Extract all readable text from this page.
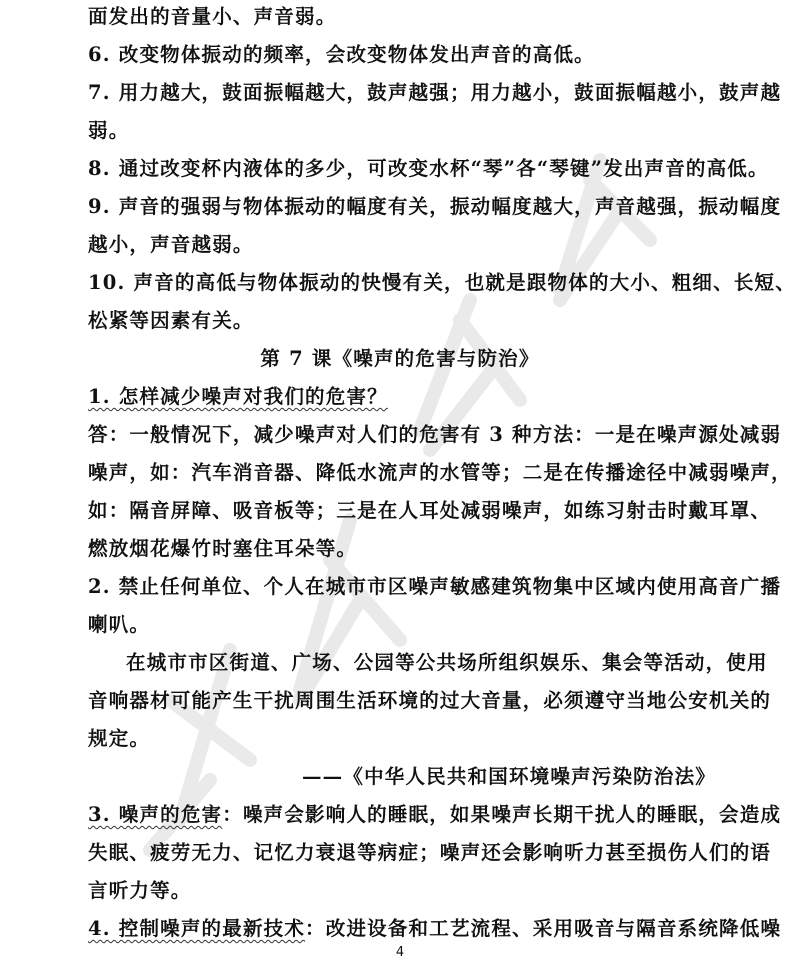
面发出的音量小、声音弱。
6. 改变物体振动的频率，会改变物体发出声音的高低。
7. 用力越大，鼓面振幅越大，鼓声越强；用力越小，鼓面振幅越小，鼓声越
弱。
8. 通过改变杯内液体的多少，可改变水杯“琴”各“琴键”发出声音的高低。
9. 声音的强弱与物体振动的幅度有关，振动幅度越大，声音越强，振动幅度
越小，声音越弱。
10. 声音的高低与物体振动的快慢有关，也就是跟物体的大小、粗细、长短、
松紧等因素有关。
第 7 课《噪声的危害与防治》
1. 怎样减少噪声对我们的危害？
答：一般情况下，减少噪声对人们的危害有 3 种方法：一是在噪声源处减弱
噪声，如：汽车消音器、降低水流声的水管等；二是在传播途径中减弱噪声，
如：隔音屏障、吸音板等；三是在人耳处减弱噪声，如练习射击时戴耳罩、
燃放烟花爆竹时塞住耳朵等。
2. 禁止任何单位、个人在城市市区噪声敏感建筑物集中区域内使用高音广播
喇叭。
在城市市区街道、广场、公园等公共场所组织娱乐、集会等活动，使用
音响器材可能产生干扰周围生活环境的过大音量，必须遵守当地公安机关的
规定。
——《中华人民共和国环境噪声污染防治法》
3. 噪声的危害：噪声会影响人的睡眠，如果噪声长期干扰人的睡眠，会造成
失眠、疲劳无力、记忆力衰退等病症；噪声还会影响听力甚至损伤人们的语
言听力等。
4. 控制噪声的最新技术：改进设备和工艺流程、采用吸音与隔音系统降低噪
4
